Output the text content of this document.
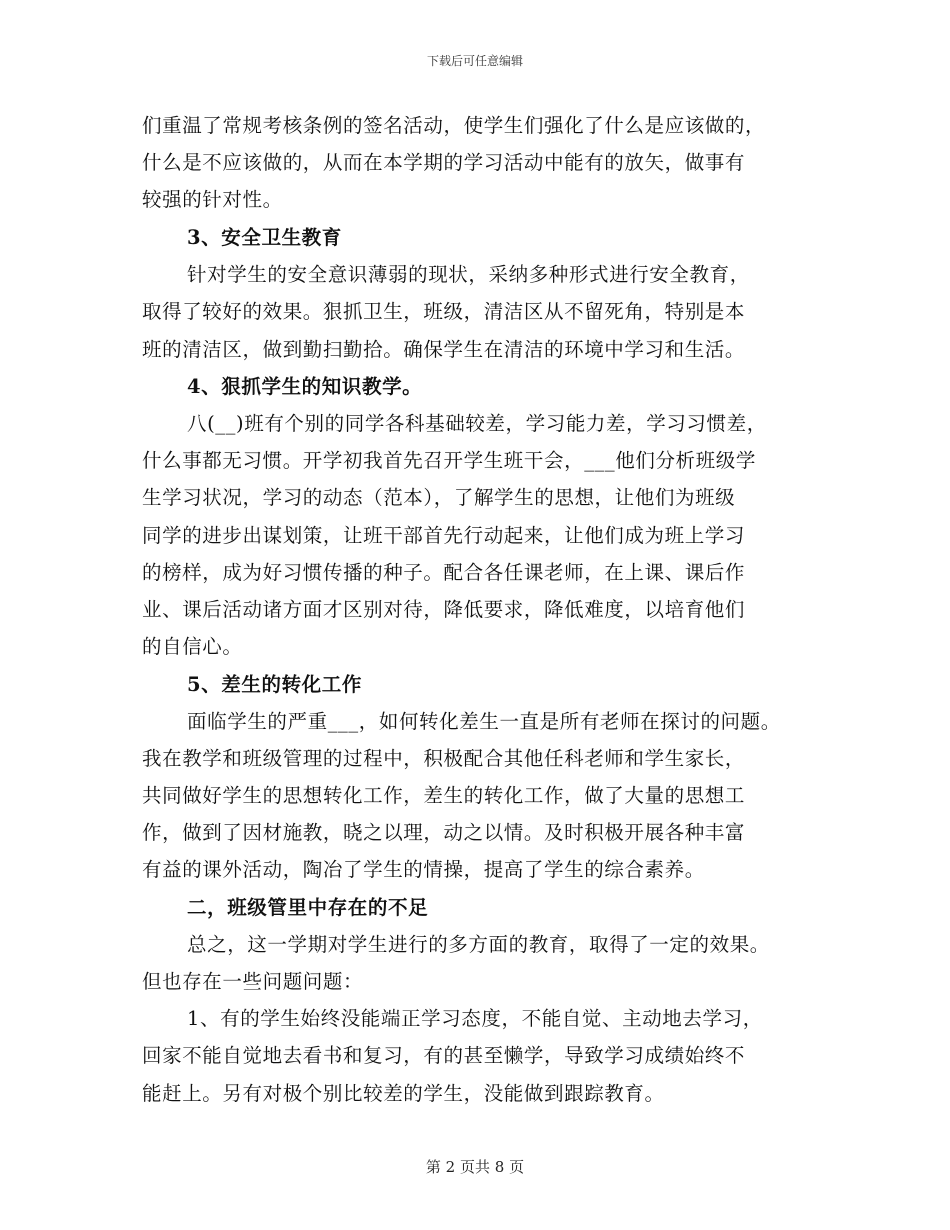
下载后可任意编辑
们重温了常规考核条例的签名活动，使学生们强化了什么是应该做的，
什么是不应该做的，从而在本学期的学习活动中能有的放矢，做事有
较强的针对性。
3、安全卫生教育
针对学生的安全意识薄弱的现状，采纳多种形式进行安全教育，
取得了较好的效果。狠抓卫生，班级，清洁区从不留死角，特别是本
班的清洁区，做到勤扫勤拾。确保学生在清洁的环境中学习和生活。
4、狠抓学生的知识教学。
八(__)班有个别的同学各科基础较差，学习能力差，学习习惯差，
什么事都无习惯。开学初我首先召开学生班干会，___他们分析班级学
生学习状况，学习的动态（范本），了解学生的思想，让他们为班级
同学的进步出谋划策，让班干部首先行动起来，让他们成为班上学习
的榜样，成为好习惯传播的种子。配合各任课老师，在上课、课后作
业、课后活动诸方面才区别对待，降低要求，降低难度，以培育他们
的自信心。
5、差生的转化工作
面临学生的严重___，如何转化差生一直是所有老师在探讨的问题。
我在教学和班级管理的过程中，积极配合其他任科老师和学生家长，
共同做好学生的思想转化工作，差生的转化工作，做了大量的思想工
作，做到了因材施教，晓之以理，动之以情。及时积极开展各种丰富
有益的课外活动，陶冶了学生的情操，提高了学生的综合素养。
二，班级管里中存在的不足
总之，这一学期对学生进行的多方面的教育，取得了一定的效果。
但也存在一些问题问题：
1、有的学生始终没能端正学习态度，不能自觉、主动地去学习，
回家不能自觉地去看书和复习，有的甚至懒学，导致学习成绩始终不
能赶上。另有对极个别比较差的学生，没能做到跟踪教育。
第 2 页共 8 页
